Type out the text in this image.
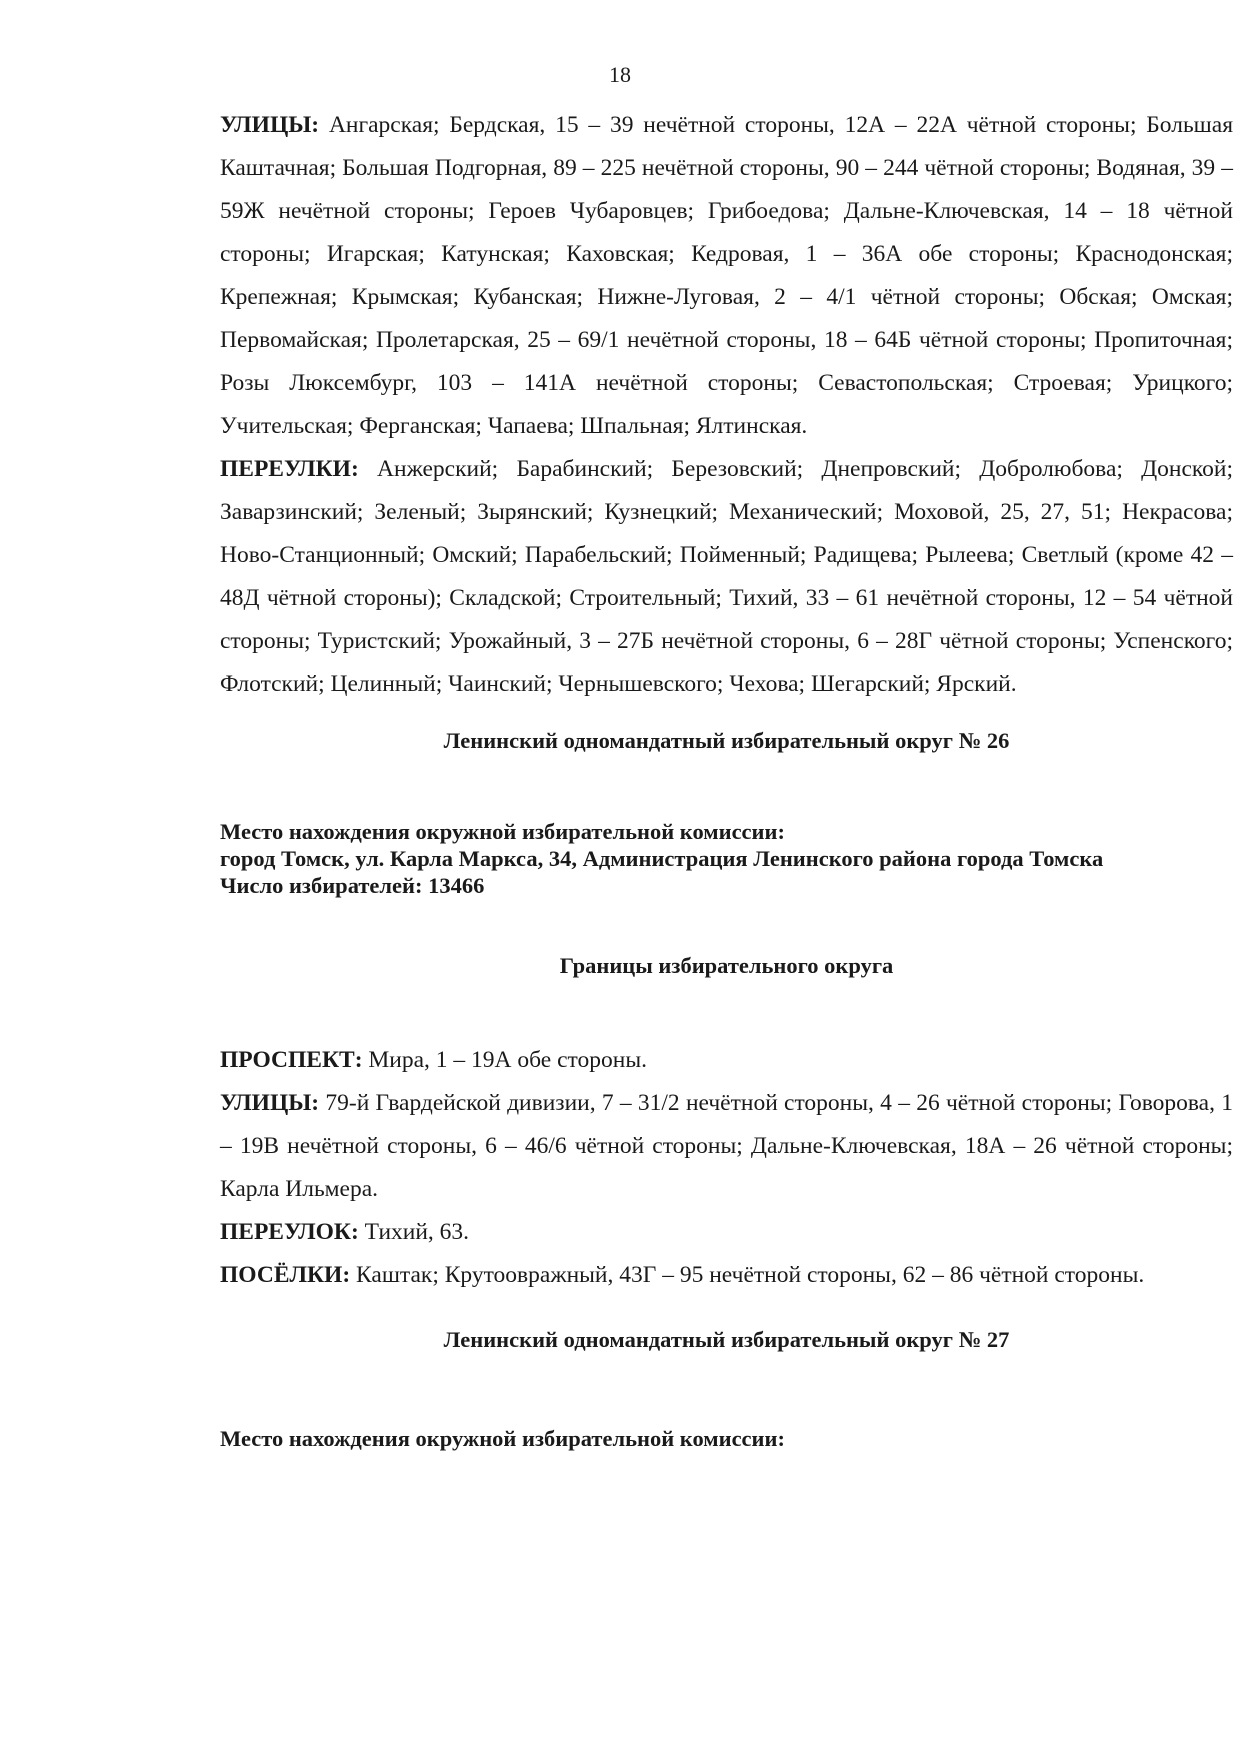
18

УЛИЦЫ: Ангарская; Бердская, 15 – 39 нечётной стороны, 12А – 22А чётной стороны; Большая Каштачная; Большая Подгорная, 89 – 225 нечётной стороны, 90 – 244 чётной стороны; Водяная, 39 – 59Ж нечётной стороны; Героев Чубаровцев; Грибоедова; Дальне-Ключевская, 14 – 18 чётной стороны; Игарская; Катунская; Каховская; Кедровая, 1 – 36А обе стороны; Краснодонская; Крепежная; Крымская; Кубанская; Нижне-Луговая, 2 – 4/1 чётной стороны; Обская; Омская; Первомайская; Пролетарская, 25 – 69/1 нечётной стороны, 18 – 64Б чётной стороны; Пропиточная; Розы Люксембург, 103 – 141А нечётной стороны; Севастопольская; Строевая; Урицкого; Учительская; Ферганская; Чапаева; Шпальная; Ялтинская.

ПЕРЕУЛКИ: Анжерский; Барабинский; Березовский; Днепровский; Добролюбова; Донской; Заварзинский; Зеленый; Зырянский; Кузнецкий; Механический; Моховой, 25, 27, 51; Некрасова; Ново-Станционный; Омский; Парабельский; Пойменный; Радищева; Рылеева; Светлый (кроме 42 – 48Д чётной стороны); Складской; Строительный; Тихий, 33 – 61 нечётной стороны, 12 – 54 чётной стороны; Туристский; Урожайный, 3 – 27Б нечётной стороны, 6 – 28Г чётной стороны; Успенского; Флотский; Целинный; Чаинский; Чернышевского; Чехова; Шегарский; Ярский.

Ленинский одномандатный избирательный округ № 26

Место нахождения окружной избирательной комиссии:

город Томск, ул. Карла Маркса, 34, Администрация Ленинского района города Томска

Число избирателей: 13466

Границы избирательного округа

ПРОСПЕКТ: Мира, 1 – 19А обе стороны.

УЛИЦЫ: 79-й Гвардейской дивизии, 7 – 31/2 нечётной стороны, 4 – 26 чётной стороны; Говорова, 1 – 19В нечётной стороны, 6 – 46/6 чётной стороны; Дальне-Ключевская, 18А – 26 чётной стороны; Карла Ильмера.

ПЕРЕУЛОК: Тихий, 63.

ПОСЁЛКИ: Каштак; Крутоовражный, 43Г – 95 нечётной стороны, 62 – 86 чётной стороны.

Ленинский одномандатный избирательный округ № 27

Место нахождения окружной избирательной комиссии:
